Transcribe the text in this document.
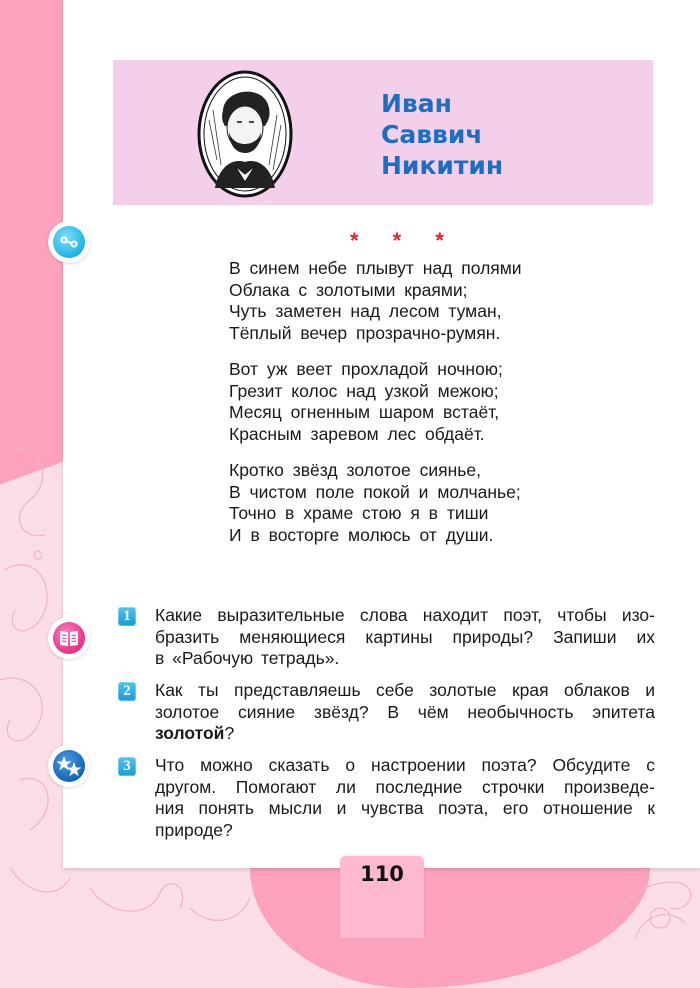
Иван
Саввич
Никитин
* * *
В синем небе плывут над полями
Облака с золотыми краями;
Чуть заметен над лесом туман,
Тёплый вечер прозрачно-румян.
Вот уж веет прохладой ночною;
Грезит колос над узкой межою;
Месяц огненным шаром встаёт,
Красным заревом лес обдаёт.
Кротко звёзд золотое сиянье,
В чистом поле покой и молчанье;
Точно в храме стою я в тиши
И в восторге молюсь от души.
1	Какие выразительные слова находит поэт, чтобы изо-
бразить меняющиеся картины природы? Запиши их
в «Рабочую тетрадь».
2	Как ты представляешь себе золотые края облаков и
золотое сияние звёзд? В чём необычность эпитета
золотой?
3	Что можно сказать о настроении поэта? Обсудите с
другом. Помогают ли последние строчки произведе-
ния понять мысли и чувства поэта, его отношение к
природе?
110
